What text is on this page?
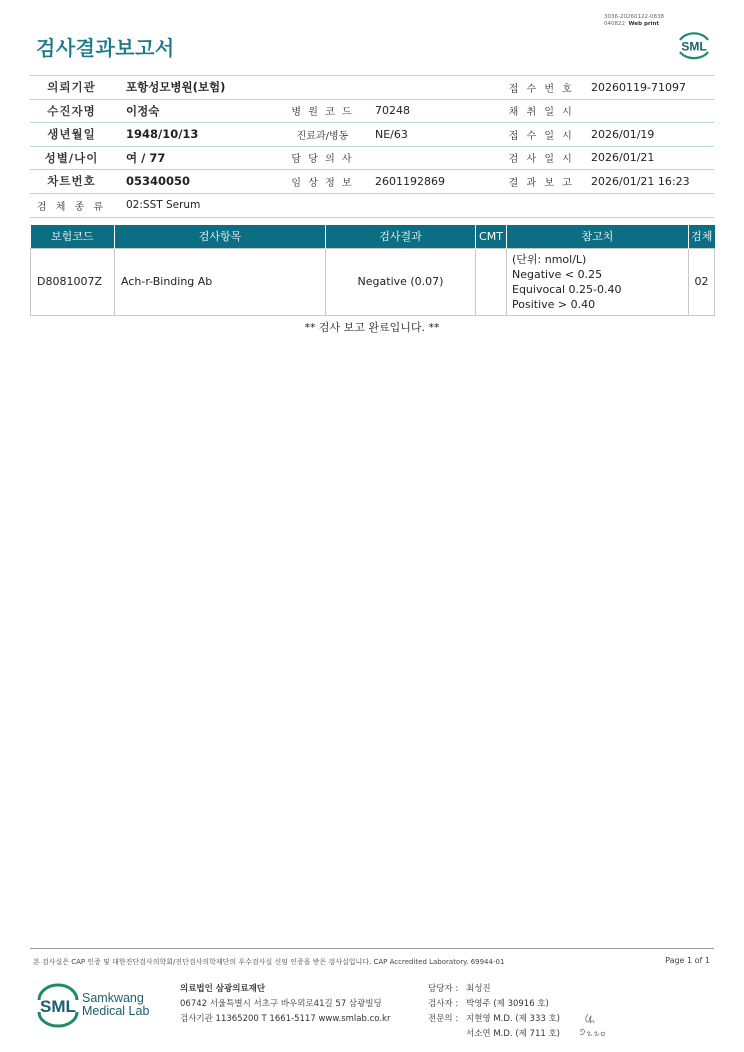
3036-20260122-0838
040822 Web print
검사결과보고서	SML
의뢰기관	포항성모병원(보험)	접 수 번 호	20260119-71097
수진자명	이정숙	병 원 코 드	70248	채 취 일 시
생년월일	1948/10/13	진료과/병동	NE/63	접 수 일 시	2026/01/19
성별/나이	여 / 77	담 당 의 사	검 사 일 시	2026/01/21
차트번호	05340050	임 상 정 보	2601192869	결 과 보 고	2026/01/21 16:23
검 체 종 류	02:SST Serum
보험코드	검사항목	검사결과	CMT	참고치	검체
D8081007Z	Ach-r-Binding Ab	Negative (0.07)		(단위: nmol/L)
Negative < 0.25
Equivocal 0.25-0.40
Positive > 0.40	02
** 검사 보고 완료입니다. **
본 검사실은 CAP 인증 및 대한진단검사의학회/진단검사의학재단의 우수검사실 신임 인증을 받은 검사실입니다. CAP Accredited Laboratory. 69944-01	Page 1 of 1
SML Samkwang
Medical Lab
의료법인 삼광의료재단
06742 서울특별시 서초구 바우뫼로41길 57 삼광빌딩
검사기관 11365200 T 1661-5117 www.smlab.co.kr
담당자 : 최성진
검사자 : 박영주 (제 30916 호)
전문의 : 지현영 M.D. (제 333 호)
서소연 M.D. (제 711 호)
